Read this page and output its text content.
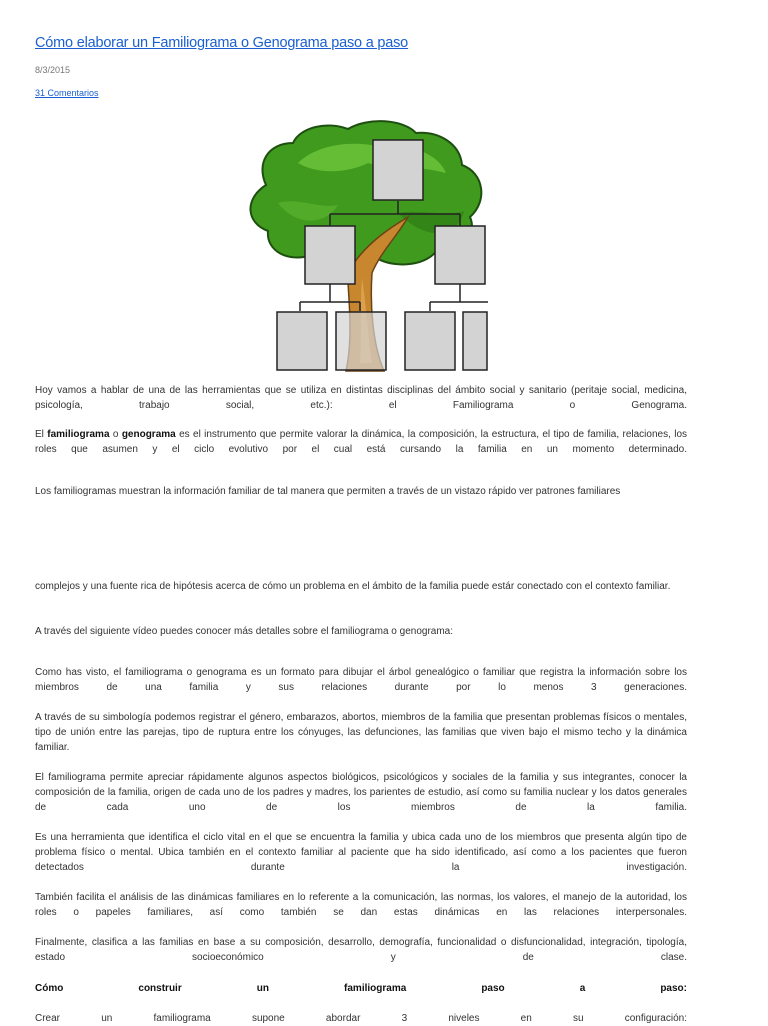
Cómo elaborar un Familiograma o Genograma paso a paso
8/3/2015
31 Comentarios

Hoy vamos a hablar de una de las herramientas que se utiliza en distintas disciplinas del ámbito social y sanitario (peritaje social, medicina, psicología, trabajo social, etc.): el Familiograma o Genograma.

El familiograma o genograma es el instrumento que permite valorar la dinámica, la composición, la estructura, el tipo de familia, relaciones, los roles que asumen y el ciclo evolutivo por el cual está cursando la familia en un momento determinado.

Los familiogramas muestran la información familiar de tal manera que permiten a través de un vistazo rápido ver patrones familiares

complejos y una fuente rica de hipótesis acerca de cómo un problema en el ámbito de la familia puede estár conectado con el contexto familiar.

A través del siguiente vídeo puedes conocer más detalles sobre el familiograma o genograma:

Como has visto, el familiograma o genograma es un formato para dibujar el árbol genealógico o familiar que registra la información sobre los miembros de una familia y sus relaciones durante por lo menos 3 generaciones.

A través de su simbología podemos registrar el género, embarazos, abortos, miembros de la familia que presentan problemas físicos o mentales, tipo de unión entre las parejas, tipo de ruptura entre los cónyuges, las defunciones, las familias que viven bajo el mismo techo y la dinámica familiar.

El familiograma permite apreciar rápidamente algunos aspectos biológicos, psicológicos y sociales de la familia y sus integrantes, conocer la composición de la familia, origen de cada uno de los padres y madres, los parientes de estudio, así como su familia nuclear y los datos generales de cada uno de los miembros de la familia.

Es una herramienta que identifica el ciclo vital en el que se encuentra la familia y ubica cada uno de los miembros que presenta algún tipo de problema físico o mental. Ubica también en el contexto familiar al paciente que ha sido identificado, así como a los pacientes que fueron detectados durante la investigación.

También facilita el análisis de las dinámicas familiares en lo referente a la comunicación, las normas, los valores, el manejo de la autoridad, los roles o papeles familiares, así como también se dan estas dinámicas en las relaciones interpersonales.

Finalmente, clasifica a las familias en base a su composición, desarrollo, demografía, funcionalidad o disfuncionalidad, integración, tipología, estado socioeconómico y de clase.

Cómo construir un familiograma paso a paso:

Crear un familiograma supone abordar 3 niveles en su configuración:
